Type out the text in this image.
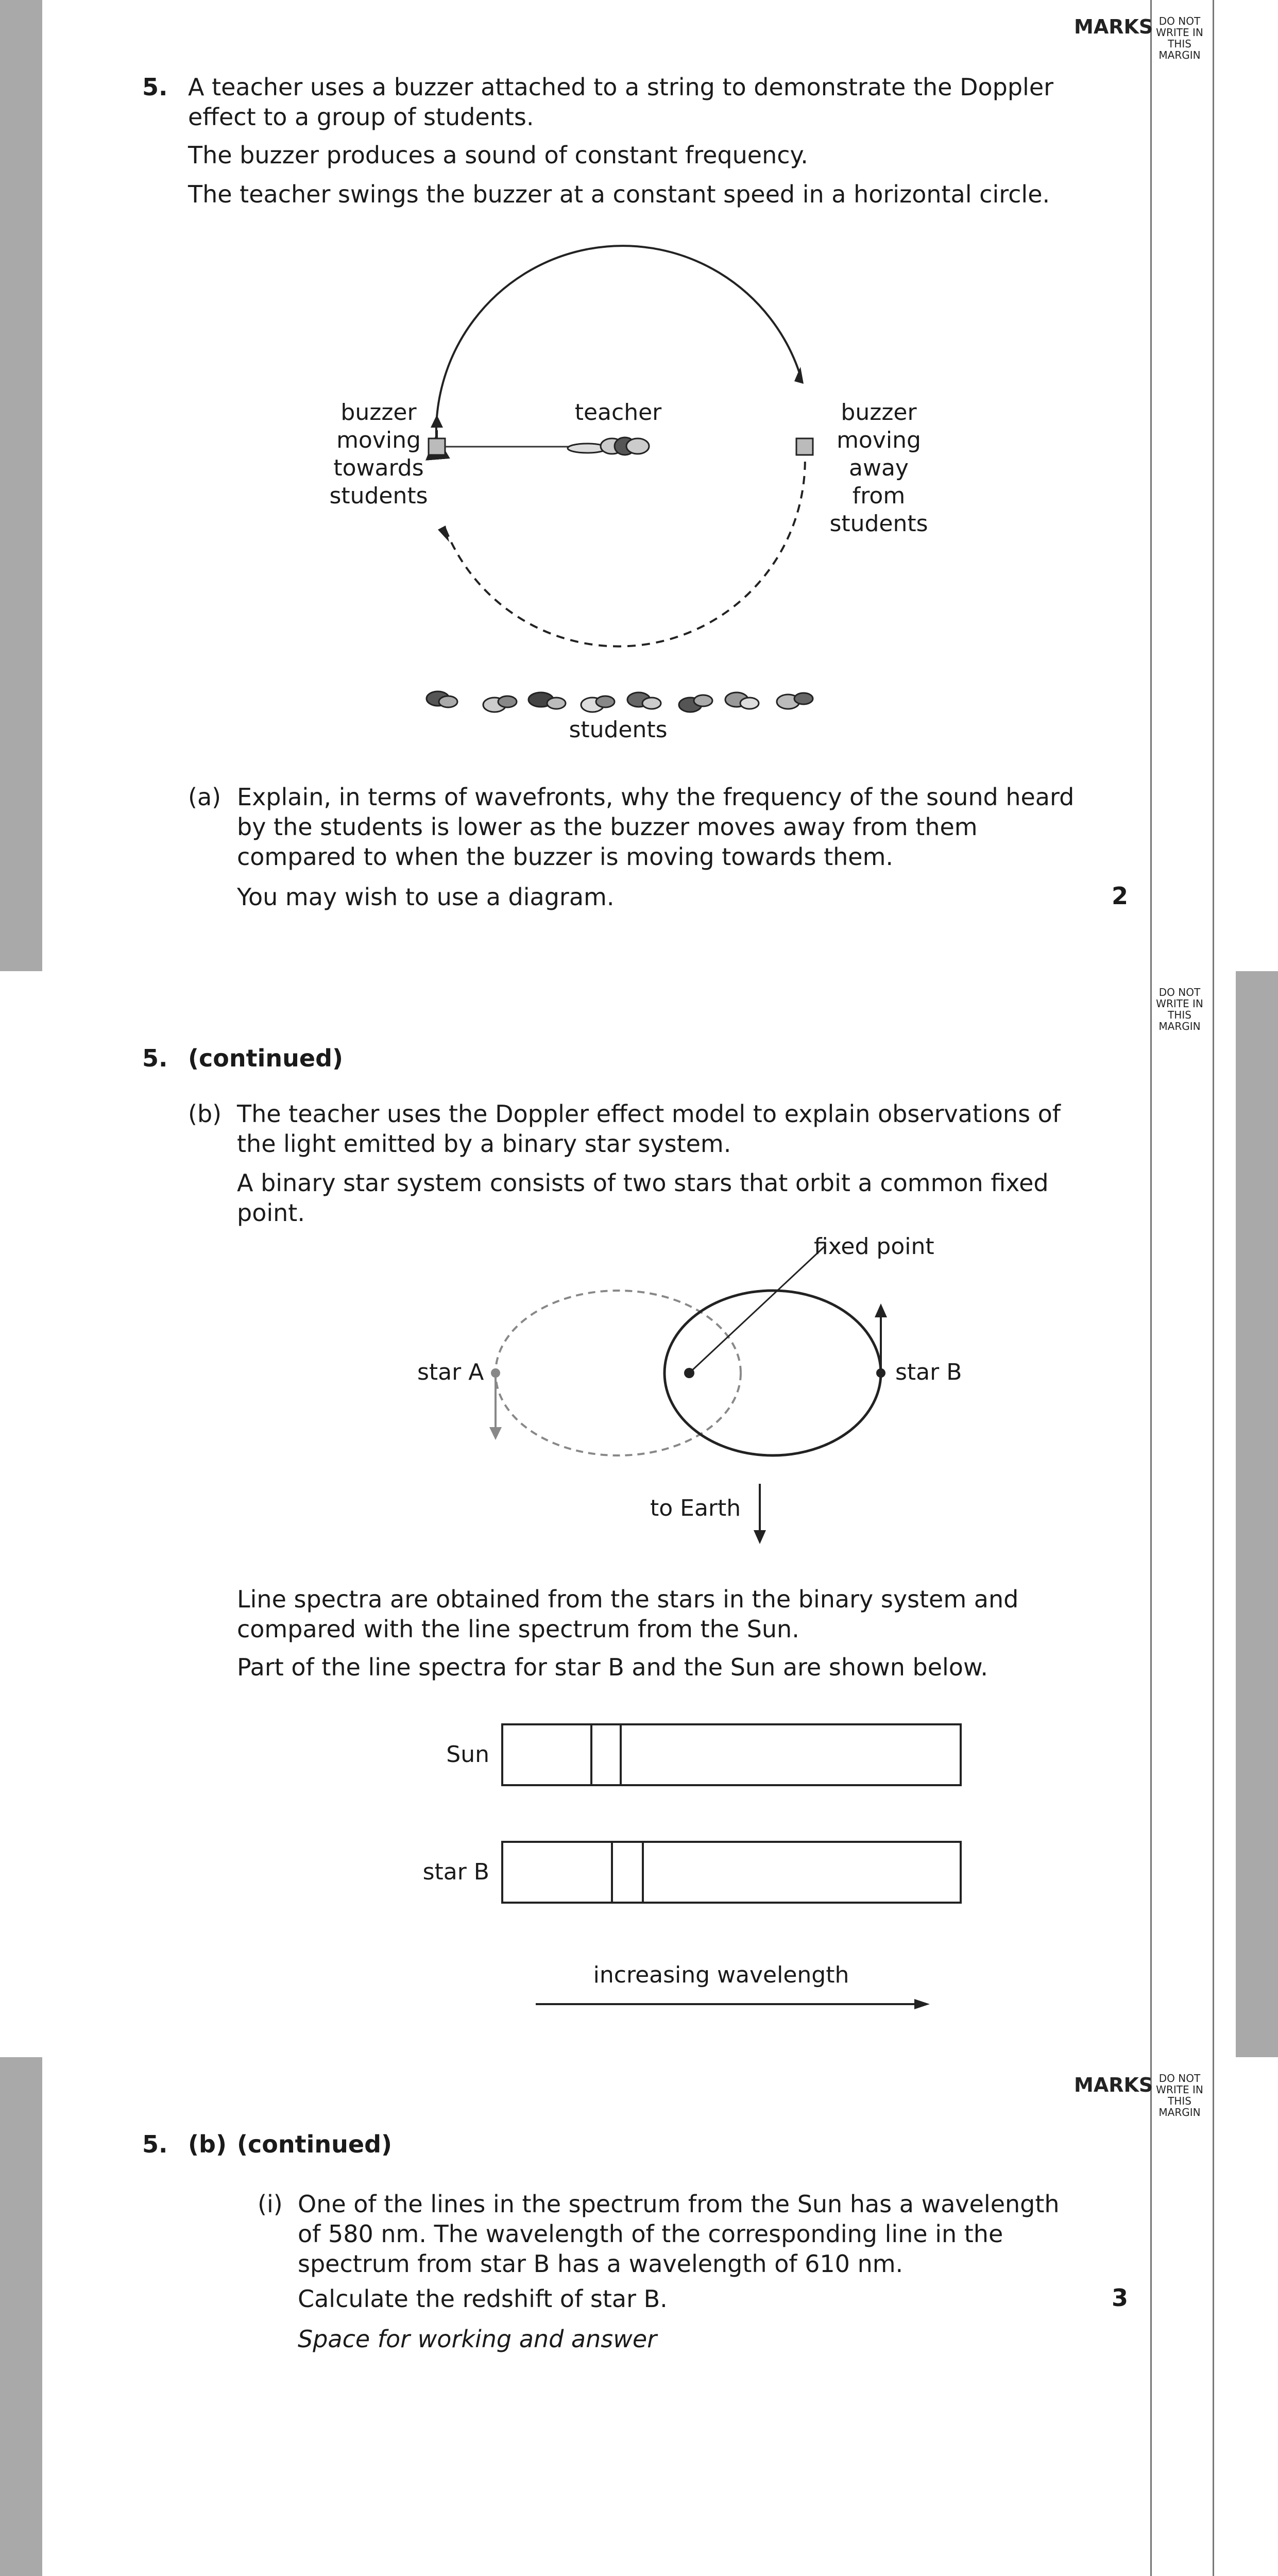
MARKS DO NOT
WRITE IN
THIS
MARGIN
5. A teacher uses a buzzer attached to a string to demonstrate the Doppler effect to a group of students.

The buzzer produces a sound of constant frequency.

The teacher swings the buzzer at a constant speed in a horizontal circle.

buzzer moving towards students
teacher	buzzer moving away from students
students
(a) Explain, in terms of wavefronts, why the frequency of the sound heard by the students is lower as the buzzer moves away from them compared to when the buzzer is moving towards them.

You may wish to use a diagram.	2
DO NOT
WRITE IN
THIS
MARGIN
5. (continued)
(b) The teacher uses the Doppler effect model to explain observations of the light emitted by a binary star system.

A binary star system consists of two stars that orbit a common fixed point.

fixed point
star A	star B
to Earth

Line spectra are obtained from the stars in the binary system and compared with the line spectrum from the Sun.

Part of the line spectra for star B and the Sun are shown below.

Sun
star B
increasing wavelength
MARKS DO NOT
WRITE IN
THIS
MARGIN
5. (b) (continued)
(i) One of the lines in the spectrum from the Sun has a wavelength of 580 nm. The wavelength of the corresponding line in the spectrum from star B has a wavelength of 610 nm.

Calculate the redshift of star B.	3

Space for working and answer
